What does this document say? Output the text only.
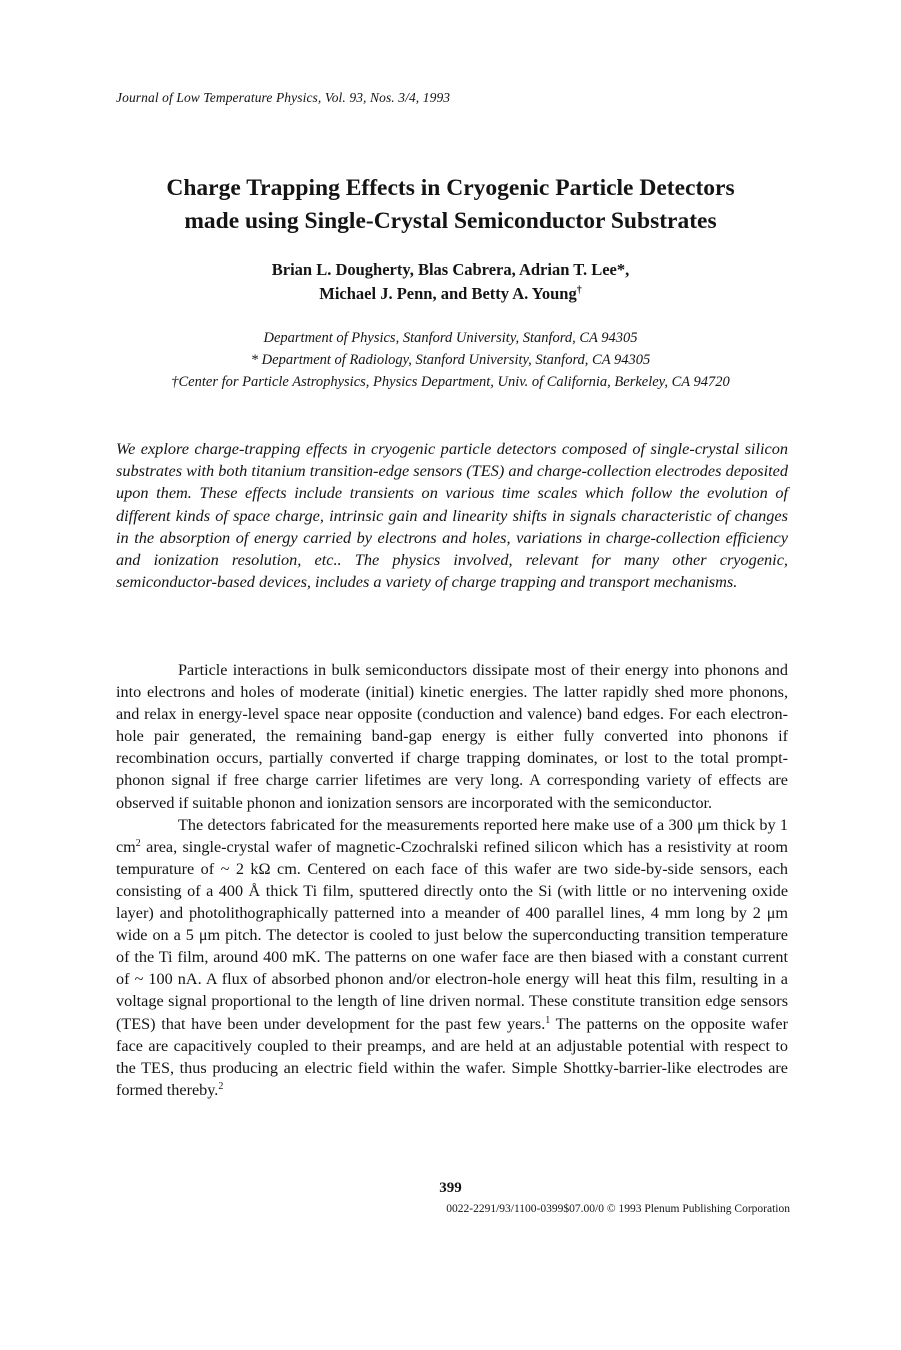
Journal of Low Temperature Physics, Vol. 93, Nos. 3/4, 1993
Charge Trapping Effects in Cryogenic Particle Detectors
made using Single-Crystal Semiconductor Substrates
Brian L. Dougherty, Blas Cabrera, Adrian T. Lee*,
Michael J. Penn, and Betty A. Young†
Department of Physics, Stanford University, Stanford, CA 94305
* Department of Radiology, Stanford University, Stanford, CA 94305
†Center for Particle Astrophysics, Physics Department, Univ. of California, Berkeley, CA 94720
We explore charge-trapping effects in cryogenic particle detectors composed of single-crystal silicon substrates with both titanium transition-edge sensors (TES) and charge-collection electrodes deposited upon them. These effects include transients on various time scales which follow the evolution of different kinds of space charge, intrinsic gain and linearity shifts in signals characteristic of changes in the absorption of energy carried by electrons and holes, variations in charge-collection efficiency and ionization resolution, etc.. The physics involved, relevant for many other cryogenic, semiconductor-based devices, includes a variety of charge trapping and transport mechanisms.

Particle interactions in bulk semiconductors dissipate most of their energy into phonons and into electrons and holes of moderate (initial) kinetic energies. The latter rapidly shed more phonons, and relax in energy-level space near opposite (conduction and valence) band edges. For each electron-hole pair generated, the remaining band-gap energy is either fully converted into phonons if recombination occurs, partially converted if charge trapping dominates, or lost to the total prompt-phonon signal if free charge carrier lifetimes are very long. A corresponding variety of effects are observed if suitable phonon and ionization sensors are incorporated with the semiconductor.

The detectors fabricated for the measurements reported here make use of a 300 μm thick by 1 $cm^2$ area, single-crystal wafer of magnetic-Czochralski refined silicon which has a resistivity at room tempurature of ~ 2 kΩ cm. Centered on each face of this wafer are two side-by-side sensors, each consisting of a 400 Å thick Ti film, sputtered directly onto the Si (with little or no intervening oxide layer) and photolithographically patterned into a meander of 400 parallel lines, 4 mm long by 2 μm wide on a 5 μm pitch. The detector is cooled to just below the superconducting transition temperature of the Ti film, around 400 mK. The patterns on one wafer face are then biased with a constant current of ~ 100 nA. A flux of absorbed phonon and/or electron-hole energy will heat this film, resulting in a voltage signal proportional to the length of line driven normal. These constitute transition edge sensors (TES) that have been under development for the past few years.$^1$ The patterns on the opposite wafer face are capacitively coupled to their preamps, and are held at an adjustable potential with respect to the TES, thus producing an electric field within the wafer. Simple Shottky-barrier-like electrodes are formed thereby.$^2$

399
0022-2291/93/1100-0399$07.00/0 © 1993 Plenum Publishing Corporation
